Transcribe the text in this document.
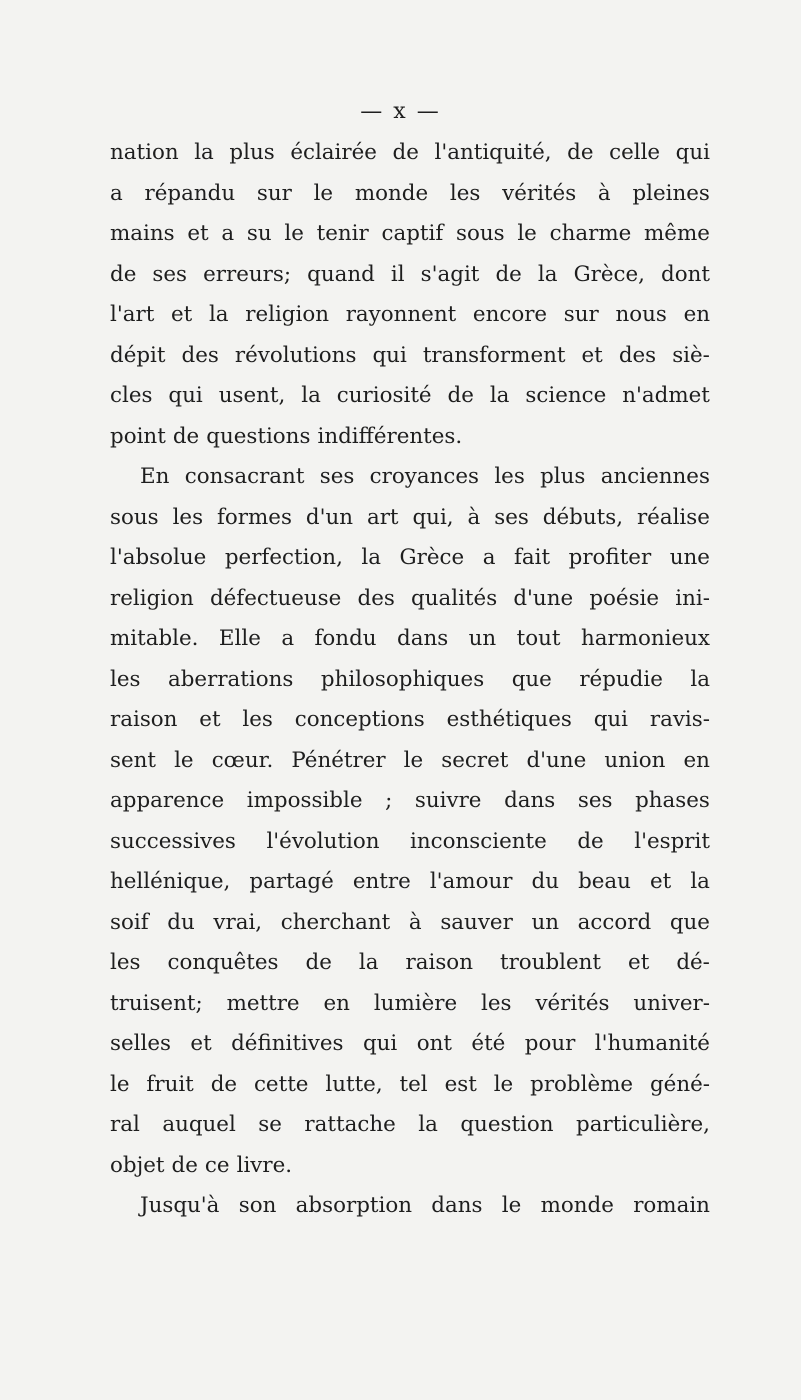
— x —
nation la plus éclairée de l'antiquité, de celle qui
a répandu sur le monde les vérités à pleines
mains et a su le tenir captif sous le charme même
de ses erreurs; quand il s'agit de la Grèce, dont
l'art et la religion rayonnent encore sur nous en
dépit des révolutions qui transforment et des siè-
cles qui usent, la curiosité de la science n'admet
point de questions indifférentes.
En consacrant ses croyances les plus anciennes
sous les formes d'un art qui, à ses débuts, réalise
l'absolue perfection, la Grèce a fait profiter une
religion défectueuse des qualités d'une poésie ini-
mitable. Elle a fondu dans un tout harmonieux
les aberrations philosophiques que répudie la
raison et les conceptions esthétiques qui ravis-
sent le cœur. Pénétrer le secret d'une union en
apparence impossible ; suivre dans ses phases
successives l'évolution inconsciente de l'esprit
hellénique, partagé entre l'amour du beau et la
soif du vrai, cherchant à sauver un accord que
les conquêtes de la raison troublent et dé-
truisent; mettre en lumière les vérités univer-
selles et définitives qui ont été pour l'humanité
le fruit de cette lutte, tel est le problème géné-
ral auquel se rattache la question particulière,
objet de ce livre.
Jusqu'à son absorption dans le monde romain
